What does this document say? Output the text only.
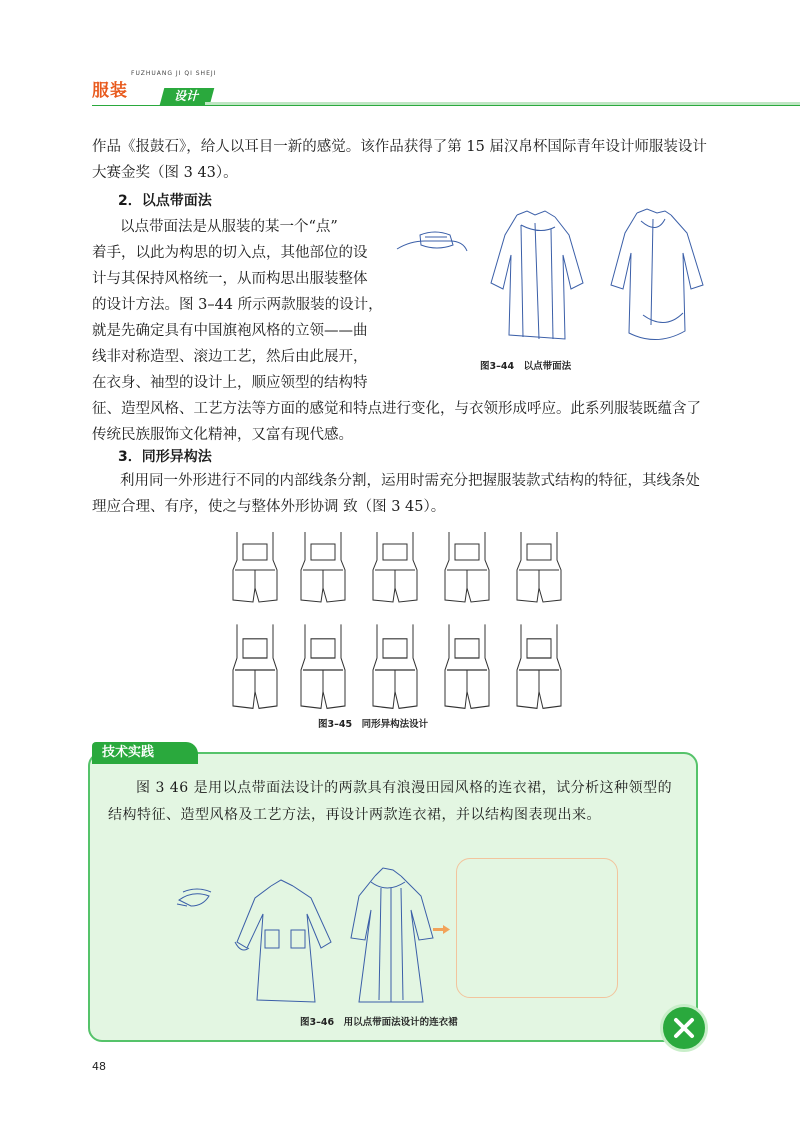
服装
FUZHUANG JI QI SHEJI
设计

作品《报鼓石》，给人以耳目一新的感觉。该作品获得了第 15 届汉帛杯国际青年设计师服装设计大赛金奖（图 3 43）。

2．以点带面法
以点带面法是从服装的某一个“点”
着手，以此为构思的切入点，其他部位的设
计与其保持风格统一，从而构思出服装整体
的设计方法。图 3–44 所示两款服装的设计，
就是先确定具有中国旗袍风格的立领——曲
线非对称造型、滚边工艺，然后由此展开，
在衣身、袖型的设计上，顺应领型的结构特

征、造型风格、工艺方法等方面的感觉和特点进行变化，与衣领形成呼应。此系列服装既蕴含了传统民族服饰文化精神，又富有现代感。

图3–44　以点带面法
3．同形异构法

利用同一外形进行不同的内部线条分割，运用时需充分把握服装款式结构的特征，其线条处理应合理、有序，使之与整体外形协调 致（图 3 45）。

图3–45　同形异构法设计
技术实践

图 3 46 是用以点带面法设计的两款具有浪漫田园风格的连衣裙，试分析这种领型的结构特征、造型风格及工艺方法，再设计两款连衣裙，并以结构图表现出来。

图3–46　用以点带面法设计的连衣裙
48
